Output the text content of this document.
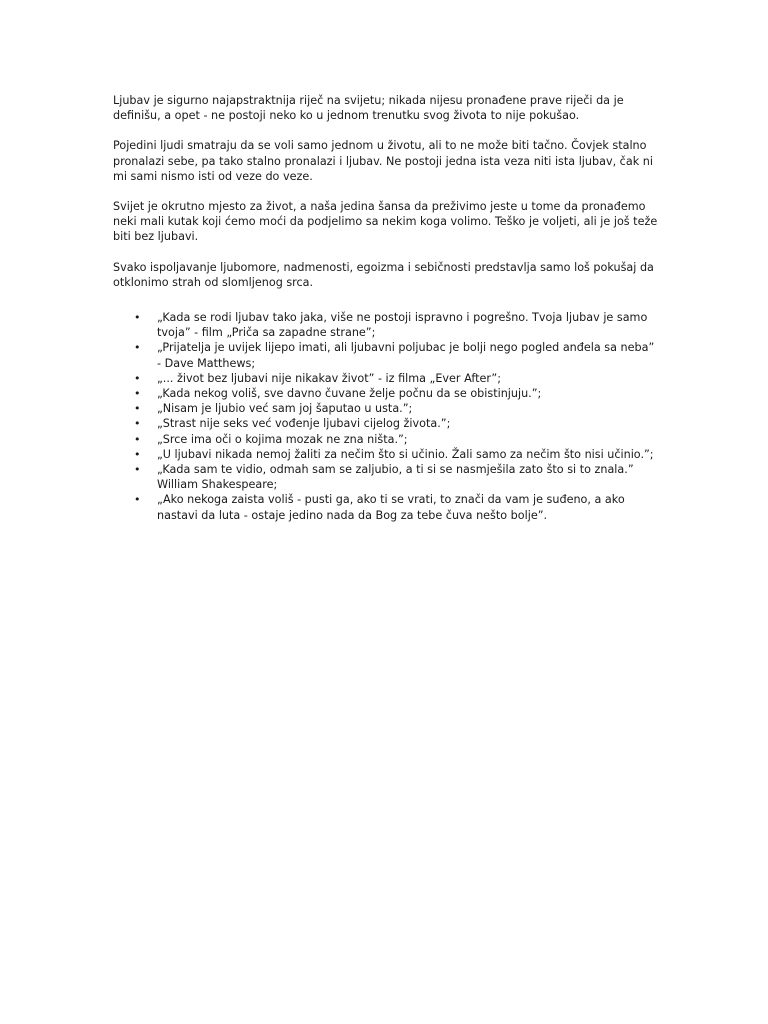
Ljubav je sigurno najapstraktnija riječ na svijetu; nikada nijesu pronađene prave riječi da je definišu, a opet - ne postoji neko ko u jednom trenutku svog života to nije pokušao.

Pojedini ljudi smatraju da se voli samo jednom u životu, ali to ne može biti tačno. Čovjek stalno pronalazi sebe, pa tako stalno pronalazi i ljubav. Ne postoji jedna ista veza niti ista ljubav, čak ni mi sami nismo isti od veze do veze.

Svijet je okrutno mjesto za život, a naša jedina šansa da preživimo jeste u tome da pronađemo neki mali kutak koji ćemo moći da podjelimo sa nekim koga volimo. Teško je voljeti, ali je još teže biti bez ljubavi.

Svako ispoljavanje ljubomore, nadmenosti, egoizma i sebičnosti predstavlja samo loš pokušaj da otklonimo strah od slomljenog srca.

• „Kada se rodi ljubav tako jaka, više ne postoji ispravno i pogrešno. Tvoja ljubav je samo tvoja” - film „Priča sa zapadne strane”;
• „Prijatelja je uvijek lijepo imati, ali ljubavni poljubac je bolji nego pogled anđela sa neba” - Dave Matthews;
• „... život bez ljubavi nije nikakav život” - iz filma „Ever After”;
• „Kada nekog voliš, sve davno čuvane želje počnu da se obistinjuju.”;
• „Nisam je ljubio već sam joj šaputao u usta.”;
• „Strast nije seks već vođenje ljubavi cijelog života.”;
• „Srce ima oči o kojima mozak ne zna ništa.”;
• „U ljubavi nikada nemoj žaliti za nečim što si učinio. Žali samo za nečim što nisi učinio.”;
• „Kada sam te vidio, odmah sam se zaljubio, a ti si se nasmješila zato što si to znala.” William Shakespeare;
• „Ako nekoga zaista voliš - pusti ga, ako ti se vrati, to znači da vam je suđeno, a ako nastavi da luta - ostaje jedino nada da Bog za tebe čuva nešto bolje”.
